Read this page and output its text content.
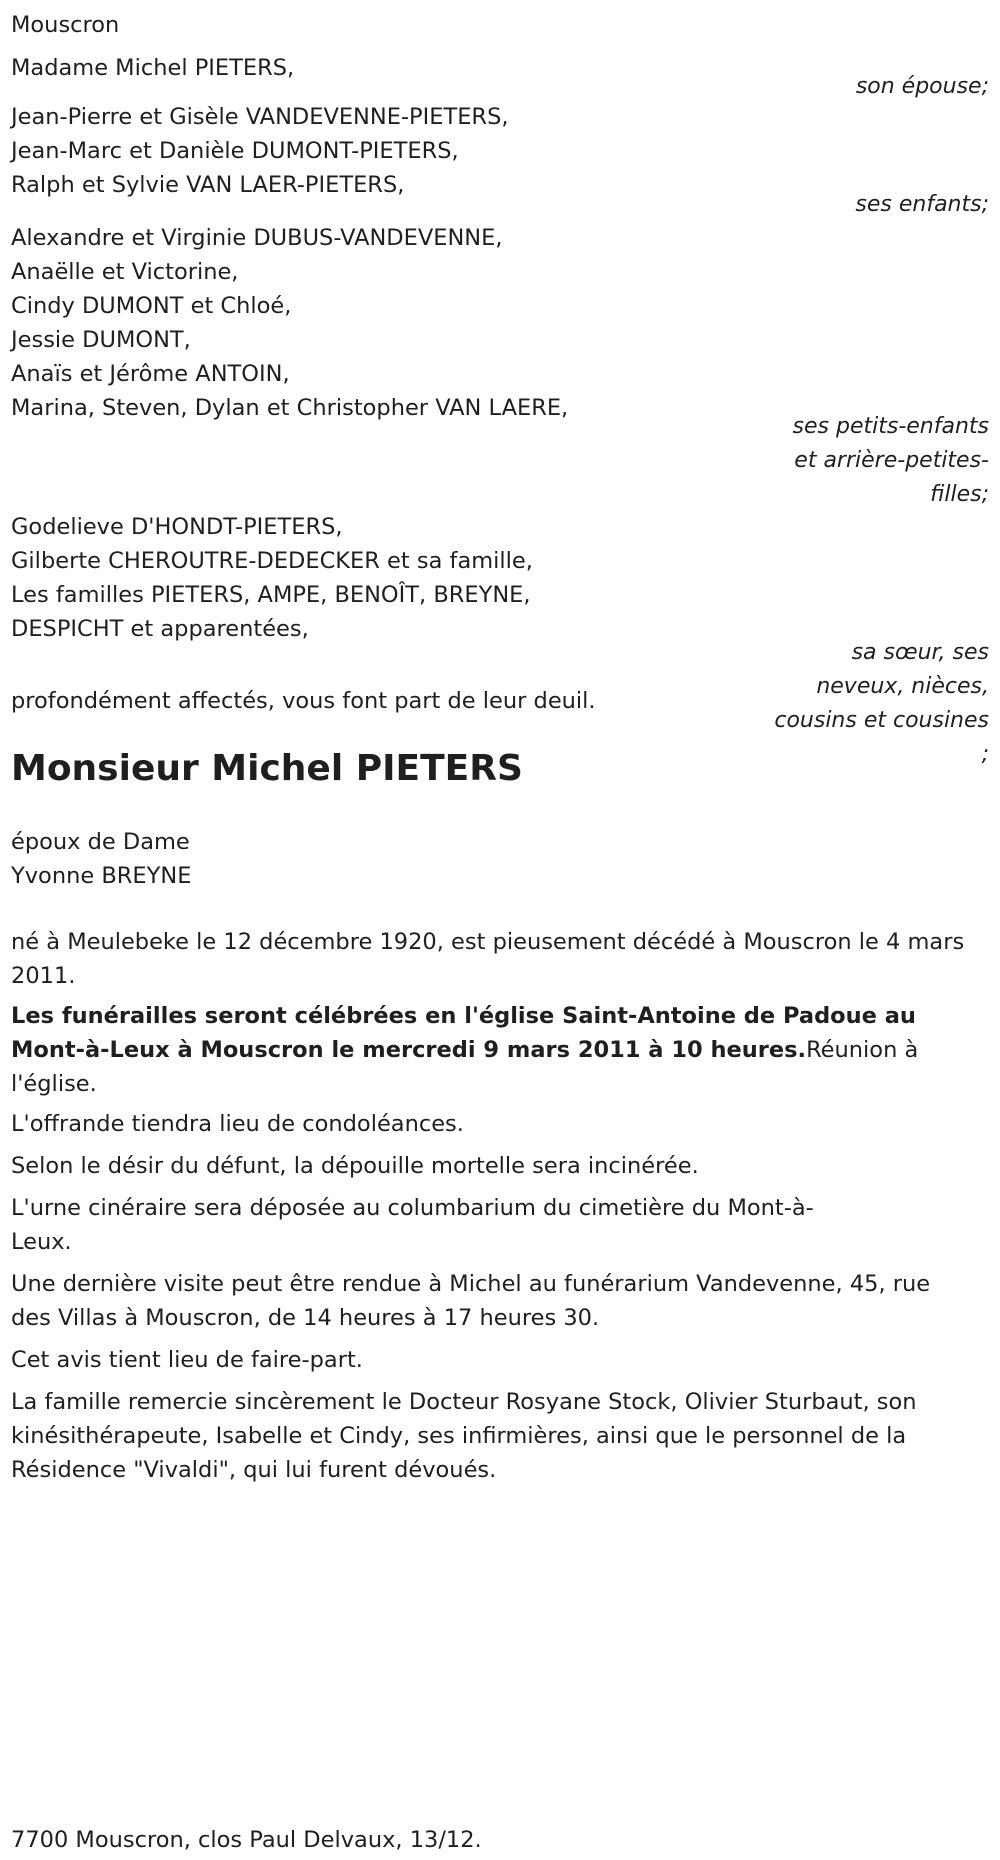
Mouscron

Madame Michel PIETERS,

son épouse;

Jean-Pierre et Gisèle VANDEVENNE-PIETERS,

Jean-Marc et Danièle DUMONT-PIETERS,

Ralph et Sylvie VAN LAER-PIETERS,

ses enfants;

Alexandre et Virginie DUBUS-VANDEVENNE,

Anaëlle et Victorine,

Cindy DUMONT et Chloé,

Jessie DUMONT,

Anaïs et Jérôme ANTOIN,

Marina, Steven, Dylan et Christopher VAN LAERE,

ses petits-enfants
et arrière-petites-
filles;

Godelieve D'HONDT-PIETERS,

Gilberte CHEROUTRE-DEDECKER et sa famille,

Les familles PIETERS, AMPE, BENOÎT, BREYNE,

DESPICHT et apparentées,

sa sœur, ses
neveux, nièces,
cousins et cousines
;

profondément affectés, vous font part de leur deuil.

Monsieur Michel PIETERS

époux de Dame

Yvonne BREYNE

né à Meulebeke le 12 décembre 1920, est pieusement décédé à Mouscron le 4 mars 2011.

Les funérailles seront célébrées en l'église Saint-Antoine de Padoue au Mont-à-Leux à Mouscron le mercredi 9 mars 2011 à 10 heures.Réunion à l'église.

L'offrande tiendra lieu de condoléances.

Selon le désir du défunt, la dépouille mortelle sera incinérée.

L'urne cinéraire sera déposée au columbarium du cimetière du Mont-à-Leux.

Une dernière visite peut être rendue à Michel au funérarium Vandevenne, 45, rue des Villas à Mouscron, de 14 heures à 17 heures 30.

Cet avis tient lieu de faire-part.

La famille remercie sincèrement le Docteur Rosyane Stock, Olivier Sturbaut, son kinésithérapeute, Isabelle et Cindy, ses infirmières, ainsi que le personnel de la Résidence "Vivaldi", qui lui furent dévoués.

7700 Mouscron, clos Paul Delvaux, 13/12.
